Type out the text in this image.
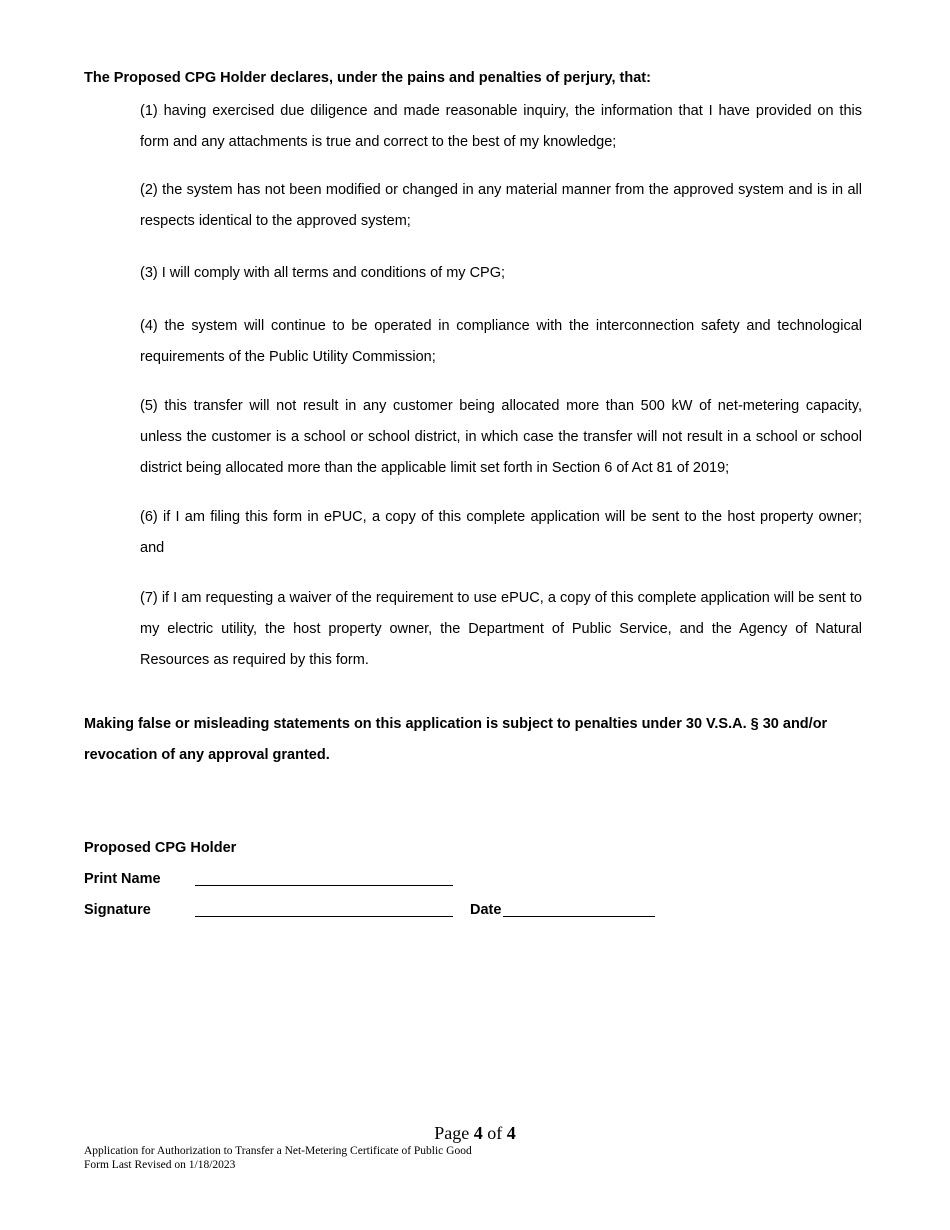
The Proposed CPG Holder declares, under the pains and penalties of perjury, that:
(1) having exercised due diligence and made reasonable inquiry, the information that I have provided on this form and any attachments is true and correct to the best of my knowledge;
(2) the system has not been modified or changed in any material manner from the approved system and is in all respects identical to the approved system;
(3) I will comply with all terms and conditions of my CPG;
(4) the system will continue to be operated in compliance with the interconnection safety and technological requirements of the Public Utility Commission;
(5) this transfer will not result in any customer being allocated more than 500 kW of net-metering capacity, unless the customer is a school or school district, in which case the transfer will not result in a school or school district being allocated more than the applicable limit set forth in Section 6 of Act 81 of 2019;
(6) if I am filing this form in ePUC, a copy of this complete application will be sent to the host property owner; and
(7) if I am requesting a waiver of the requirement to use ePUC, a copy of this complete application will be sent to my electric utility, the host property owner, the Department of Public Service, and the Agency of Natural Resources as required by this form.
Making false or misleading statements on this application is subject to penalties under 30 V.S.A. § 30 and/or revocation of any approval granted.
Proposed CPG Holder
Print Name
Signature	Date
Page 4 of 4
Application for Authorization to Transfer a Net-Metering Certificate of Public Good
Form Last Revised on 1/18/2023
